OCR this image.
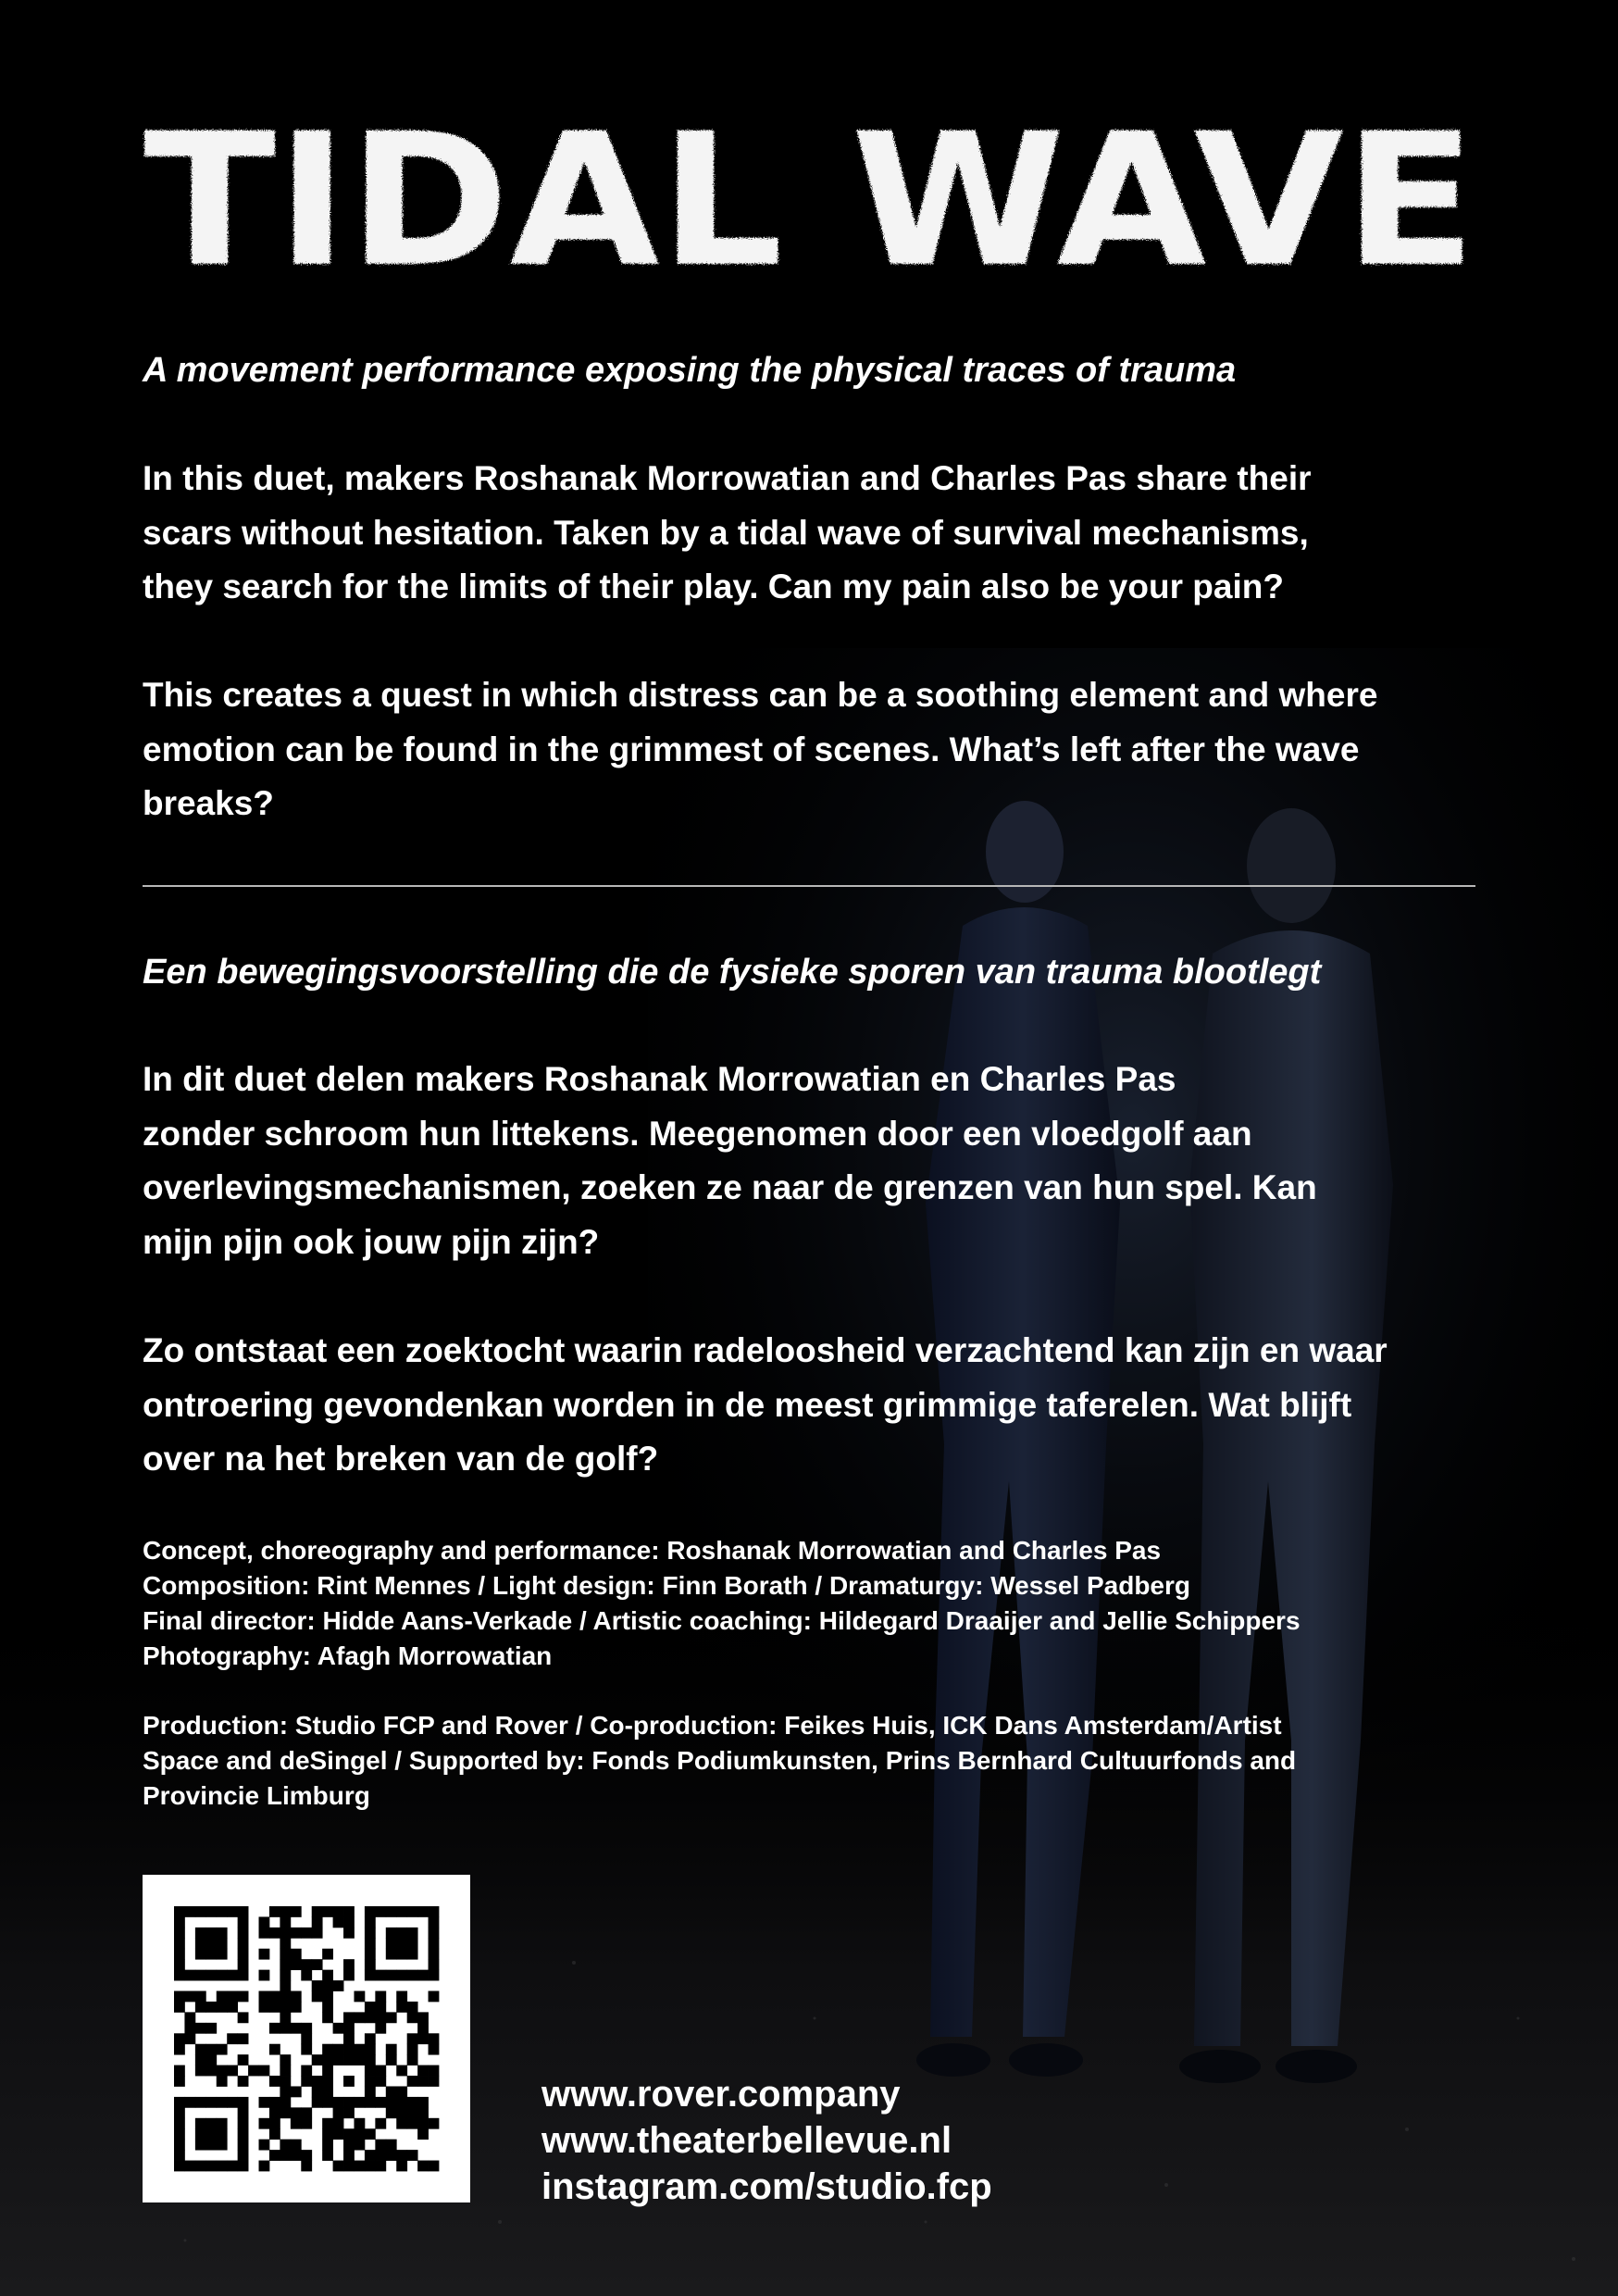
TIDAL WAVE

A movement performance exposing the physical traces of trauma

In this duet, makers Roshanak Morrowatian and Charles Pas share their
scars without hesitation. Taken by a tidal wave of survival mechanisms,
they search for the limits of their play. Can my pain also be your pain?

This creates a quest in which distress can be a soothing element and where
emotion can be found in the grimmest of scenes. What’s left after the wave
breaks?

Een bewegingsvoorstelling die de fysieke sporen van trauma blootlegt

In dit duet delen makers Roshanak Morrowatian en Charles Pas
zonder schroom hun littekens. Meegenomen door een vloedgolf aan
overlevingsmechanismen, zoeken ze naar de grenzen van hun spel. Kan
mijn pijn ook jouw pijn zijn?

Zo ontstaat een zoektocht waarin radeloosheid verzachtend kan zijn en waar
ontroering gevondenkan worden in de meest grimmige taferelen. Wat blijft
over na het breken van de golf?

Concept, choreography and performance: Roshanak Morrowatian and Charles Pas
Composition: Rint Mennes / Light design: Finn Borath / Dramaturgy: Wessel Padberg
Final director: Hidde Aans-Verkade / Artistic coaching: Hildegard Draaijer and Jellie Schippers
Photography: Afagh Morrowatian

Production: Studio FCP and Rover / Co-production: Feikes Huis, ICK Dans Amsterdam/Artist
Space and deSingel / Supported by: Fonds Podiumkunsten, Prins Bernhard Cultuurfonds and
Provincie Limburg

www.rover.company
www.theaterbellevue.nl
instagram.com/studio.fcp
